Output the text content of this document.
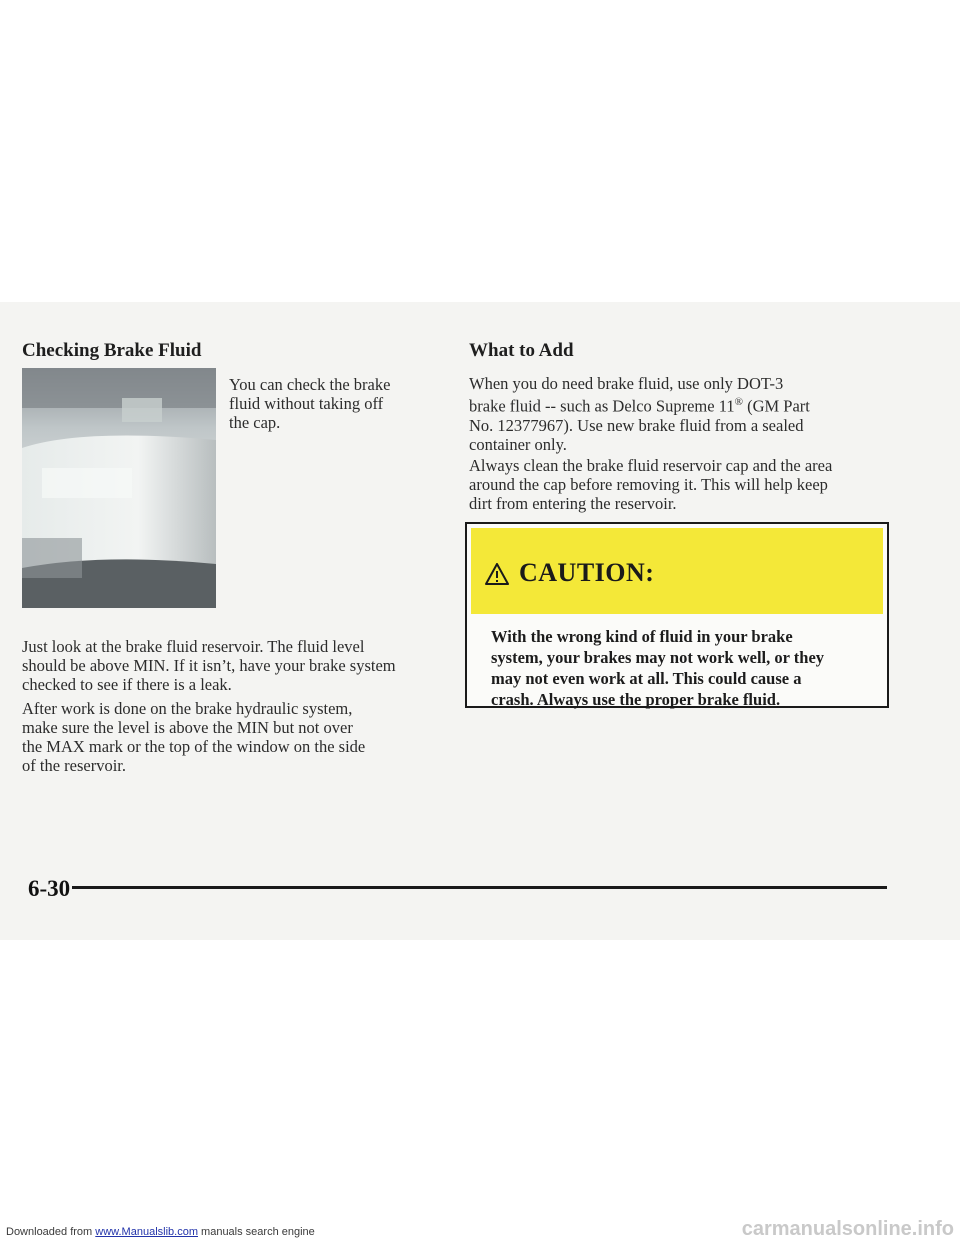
Checking Brake Fluid

You can check the brake
fluid without taking off
the cap.

Just look at the brake fluid reservoir. The fluid level
should be above MIN. If it isn’t, have your brake system
checked to see if there is a leak.

After work is done on the brake hydraulic system,
make sure the level is above the MIN but not over
the MAX mark or the top of the window on the side
of the reservoir.

What to Add

When you do need brake fluid, use only DOT-3
brake fluid -- such as Delco Supreme 11® (GM Part
No. 12377967). Use new brake fluid from a sealed
container only.

Always clean the brake fluid reservoir cap and the area
around the cap before removing it. This will help keep
dirt from entering the reservoir.

CAUTION:

With the wrong kind of fluid in your brake
system, your brakes may not work well, or they
may not even work at all. This could cause a
crash. Always use the proper brake fluid.

6-30

Downloaded from www.Manualslib.com manuals search engine	carmanualsonline.info
